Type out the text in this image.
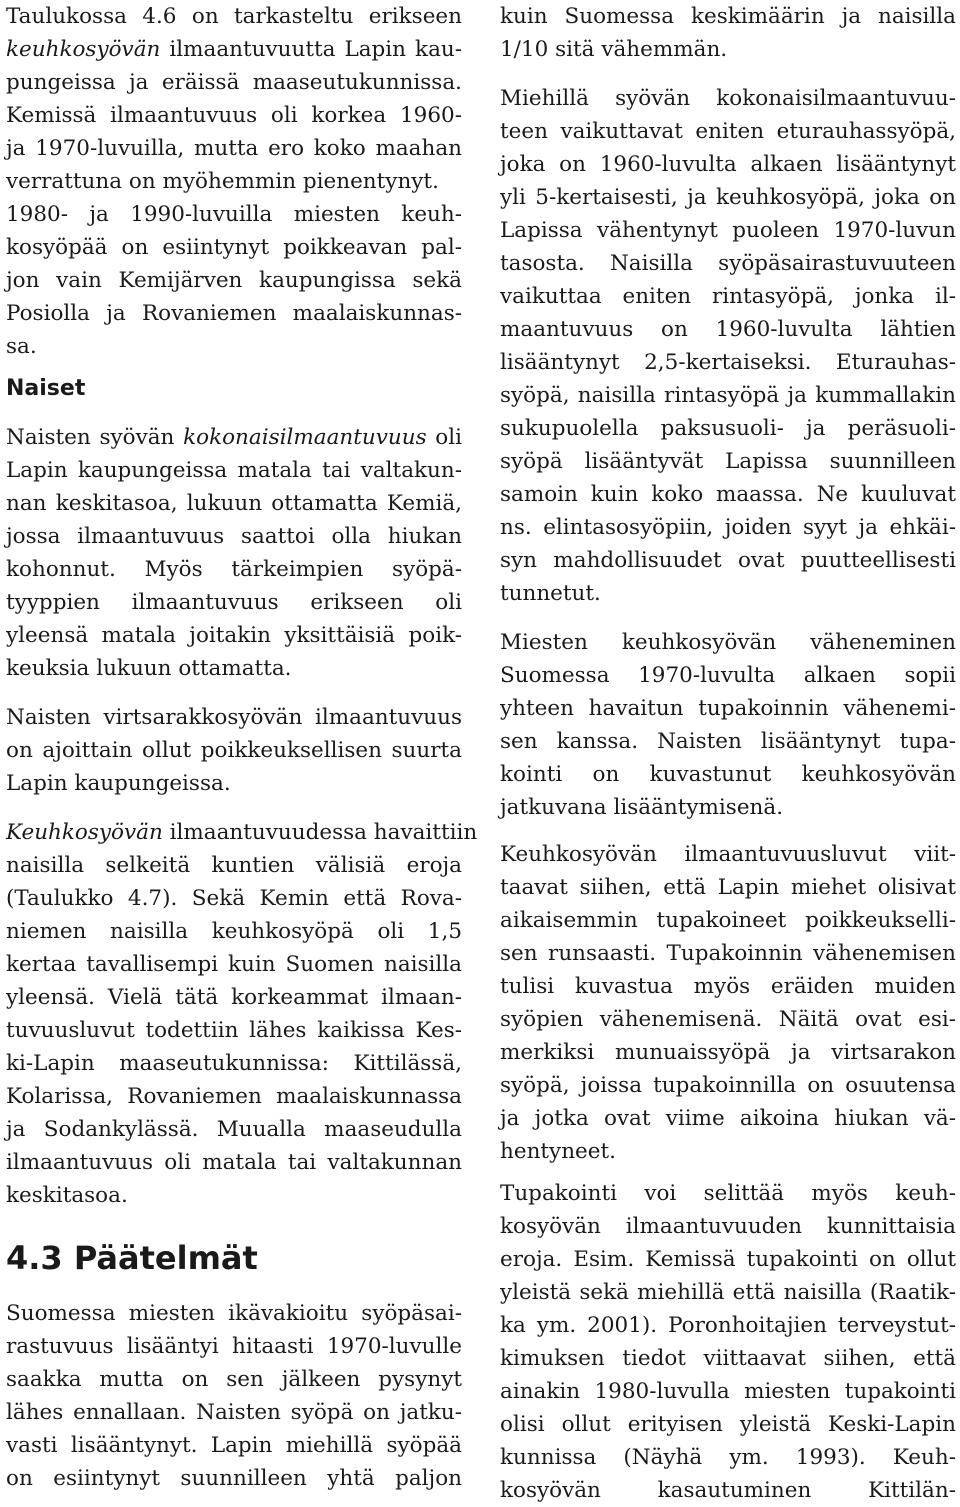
Taulukossa 4.6 on tarkasteltu erikseen
keuhkosyövän ilmaantuvuutta Lapin kau-
pungeissa ja eräissä maaseutukunnissa.
Kemissä ilmaantuvuus oli korkea 1960-
ja 1970-luvuilla, mutta ero koko maahan
verrattuna on myöhemmin pienentynyt.
1980- ja 1990-luvuilla miesten keuh-
kosyöpää on esiintynyt poikkeavan pal-
jon vain Kemijärven kaupungissa sekä
Posiolla ja Rovaniemen maalaiskunnas-
sa.
Naiset
Naisten syövän kokonaisilmaantuvuus oli
Lapin kaupungeissa matala tai valtakun-
nan keskitasoa, lukuun ottamatta Kemiä,
jossa ilmaantuvuus saattoi olla hiukan
kohonnut. Myös tärkeimpien syöpä-
tyyppien ilmaantuvuus erikseen oli
yleensä matala joitakin yksittäisiä poik-
keuksia lukuun ottamatta.
Naisten virtsarakkosyövän ilmaantuvuus
on ajoittain ollut poikkeuksellisen suurta
Lapin kaupungeissa.
Keuhkosyövän ilmaantuvuudessa havaittiin
naisilla selkeitä kuntien välisiä eroja
(Taulukko 4.7). Sekä Kemin että Rova-
niemen naisilla keuhkosyöpä oli 1,5
kertaa tavallisempi kuin Suomen naisilla
yleensä. Vielä tätä korkeammat ilmaan-
tuvuusluvut todettiin lähes kaikissa Kes-
ki-Lapin maaseutukunnissa: Kittilässä,
Kolarissa, Rovaniemen maalaiskunnassa
ja Sodankylässä. Muualla maaseudulla
ilmaantuvuus oli matala tai valtakunnan
keskitasoa.
4.3 Päätelmät
Suomessa miesten ikävakioitu syöpäsai-
rastuvuus lisääntyi hitaasti 1970-luvulle
saakka mutta on sen jälkeen pysynyt
lähes ennallaan. Naisten syöpä on jatku-
vasti lisääntynyt. Lapin miehillä syöpää
on esiintynyt suunnilleen yhtä paljon
kuin Suomessa keskimäärin ja naisilla
1/10 sitä vähemmän.
Miehillä syövän kokonaisilmaantuvuu-
teen vaikuttavat eniten eturauhassyöpä,
joka on 1960-luvulta alkaen lisääntynyt
yli 5-kertaisesti, ja keuhkosyöpä, joka on
Lapissa vähentynyt puoleen 1970-luvun
tasosta. Naisilla syöpäsairastuvuuteen
vaikuttaa eniten rintasyöpä, jonka il-
maantuvuus on 1960-luvulta lähtien
lisääntynyt 2,5-kertaiseksi. Eturauhas-
syöpä, naisilla rintasyöpä ja kummallakin
sukupuolella paksusuoli- ja peräsuoli-
syöpä lisääntyvät Lapissa suunnilleen
samoin kuin koko maassa. Ne kuuluvat
ns. elintasosyöpiin, joiden syyt ja ehkäi-
syn mahdollisuudet ovat puutteellisesti
tunnetut.
Miesten keuhkosyövän väheneminen
Suomessa 1970-luvulta alkaen sopii
yhteen havaitun tupakoinnin vähenemi-
sen kanssa. Naisten lisääntynyt tupa-
kointi on kuvastunut keuhkosyövän
jatkuvana lisääntymisenä.
Keuhkosyövän ilmaantuvuusluvut viit-
taavat siihen, että Lapin miehet olisivat
aikaisemmin tupakoineet poikkeukselli-
sen runsaasti. Tupakoinnin vähenemisen
tulisi kuvastua myös eräiden muiden
syöpien vähenemisenä. Näitä ovat esi-
merkiksi munuaissyöpä ja virtsarakon
syöpä, joissa tupakoinnilla on osuutensa
ja jotka ovat viime aikoina hiukan vä-
hentyneet.
Tupakointi voi selittää myös keuh-
kosyövän ilmaantuvuuden kunnittaisia
eroja. Esim. Kemissä tupakointi on ollut
yleistä sekä miehillä että naisilla (Raatik-
ka ym. 2001). Poronhoitajien terveystut-
kimuksen tiedot viittaavat siihen, että
ainakin 1980-luvulla miesten tupakointi
olisi ollut erityisen yleistä Keski-Lapin
kunnissa (Näyhä ym. 1993). Keuh-
kosyövän kasautuminen Kittilän-
